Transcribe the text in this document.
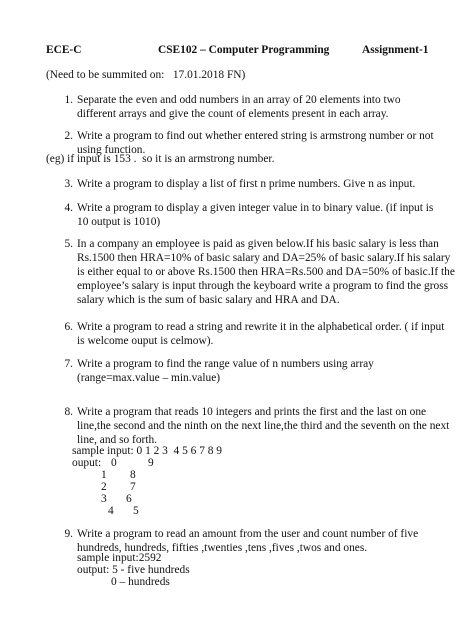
ECE-C	CSE102 – Computer Programming	Assignment-1
(Need to be summited on:   17.01.2018 FN)
1. Separate the even and odd numbers in an array of 20 elements into two different arrays and give the count of elements present in each array.
2. Write a program to find out whether entered string is armstrong number or not using function.
(eg) if input is 153 .  so it is an armstrong number.
3. Write a program to display a list of first n prime numbers. Give n as input.
4. Write a program to display a given integer value in to binary value. (if input is 10 output is 1010)
5. In a company an employee is paid as given below.If his basic salary is less than Rs.1500 then HRA=10% of basic salary and DA=25% of basic salary.If his salary is either equal to or above Rs.1500 then HRA=Rs.500 and DA=50% of basic.If the employee’s salary is input through the keyboard write a program to find the gross salary which is the sum of basic salary and HRA and DA.
6. Write a program to read a string and rewrite it in the alphabetical order. ( if input is welcome ouput is celmow).
7. Write a program to find the range value of n numbers using array (range=max.value – min.value)
8. Write a program that reads 10 integers and prints the first and the last on one line,the second and the ninth on the next line,the third and the seventh on the next line, and so forth.
sample input: 0 1 2 3  4 5 6 7 8 9
ouput: 0	9
1 8
2 7
3 6
4 5
9. Write a program to read an amount from the user and count number of five hundreds, hundreds, fifties ,twenties ,tens ,fives ,twos and ones.
sample input:2592
output: 5 - five hundreds
0 – hundreds
